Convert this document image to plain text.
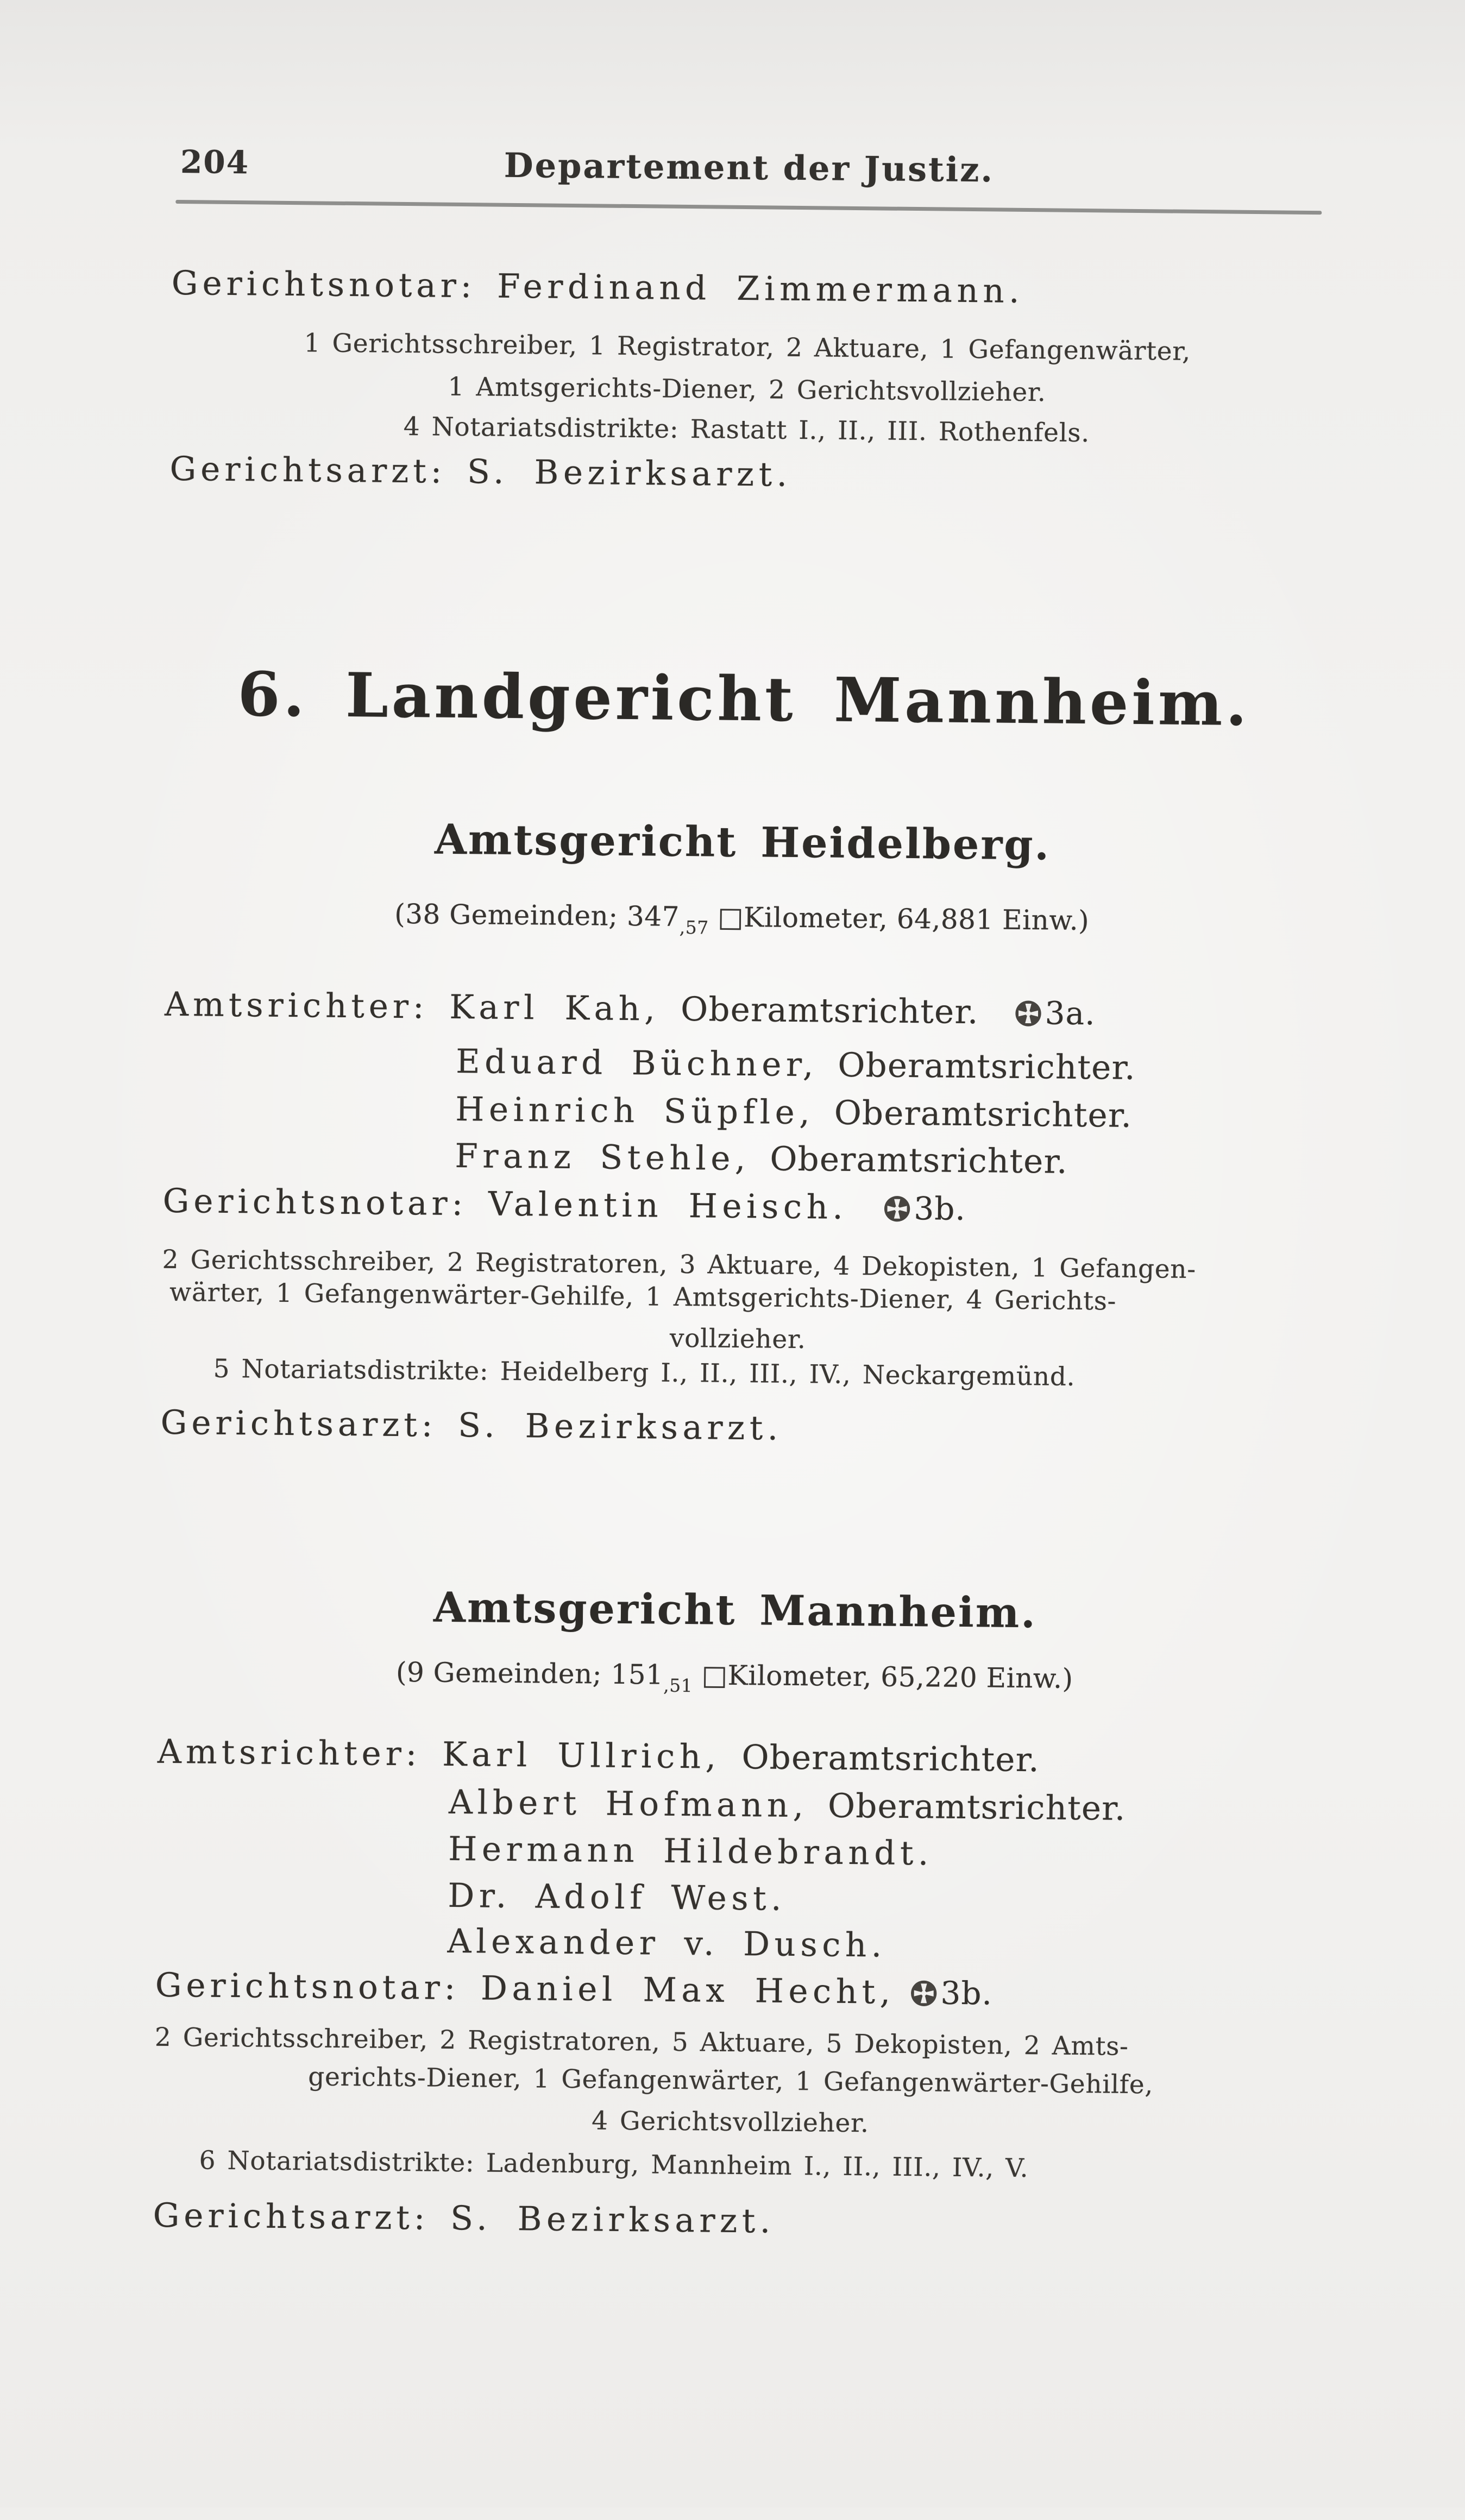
204	Departement der Justiz.
Gerichtsnotar: Ferdinand Zimmermann.
1 Gerichtsschreiber, 1 Registrator, 2 Aktuare, 1 Gefangenwärter,
1 Amtsgerichts-Diener, 2 Gerichtsvollzieher.
4 Notariatsdistrikte: Rastatt I., II., III. Rothenfels.
Gerichtsarzt: S. Bezirksarzt.
6. Landgericht Mannheim.
Amtsgericht Heidelberg.
(38 Gemeinden; $347_{,57}$ □Kilometer, 64,881 Einw.)
Amtsrichter: Karl Kah, Oberamtsrichter. 3a.
Eduard Büchner, Oberamtsrichter.
Heinrich Süpfle, Oberamtsrichter.
Franz Stehle, Oberamtsrichter.
Gerichtsnotar: Valentin Heisch. 3b.
2 Gerichtsschreiber, 2 Registratoren, 3 Aktuare, 4 Dekopisten, 1 Gefangen-
wärter, 1 Gefangenwärter-Gehilfe, 1 Amtsgerichts-Diener, 4 Gerichts-
vollzieher.
5 Notariatsdistrikte: Heidelberg I., II., III., IV., Neckargemünd.
Gerichtsarzt: S. Bezirksarzt.
Amtsgericht Mannheim.
(9 Gemeinden; $151_{,51}$ □Kilometer, 65,220 Einw.)
Amtsrichter: Karl Ullrich, Oberamtsrichter.
Albert Hofmann, Oberamtsrichter.
Hermann Hildebrandt.
Dr. Adolf West.
Alexander v. Dusch.
Gerichtsnotar: Daniel Max Hecht, 3b.
2 Gerichtsschreiber, 2 Registratoren, 5 Aktuare, 5 Dekopisten, 2 Amts-
gerichts-Diener, 1 Gefangenwärter, 1 Gefangenwärter-Gehilfe,
4 Gerichtsvollzieher.
6 Notariatsdistrikte: Ladenburg, Mannheim I., II., III., IV., V.
Gerichtsarzt: S. Bezirksarzt.
